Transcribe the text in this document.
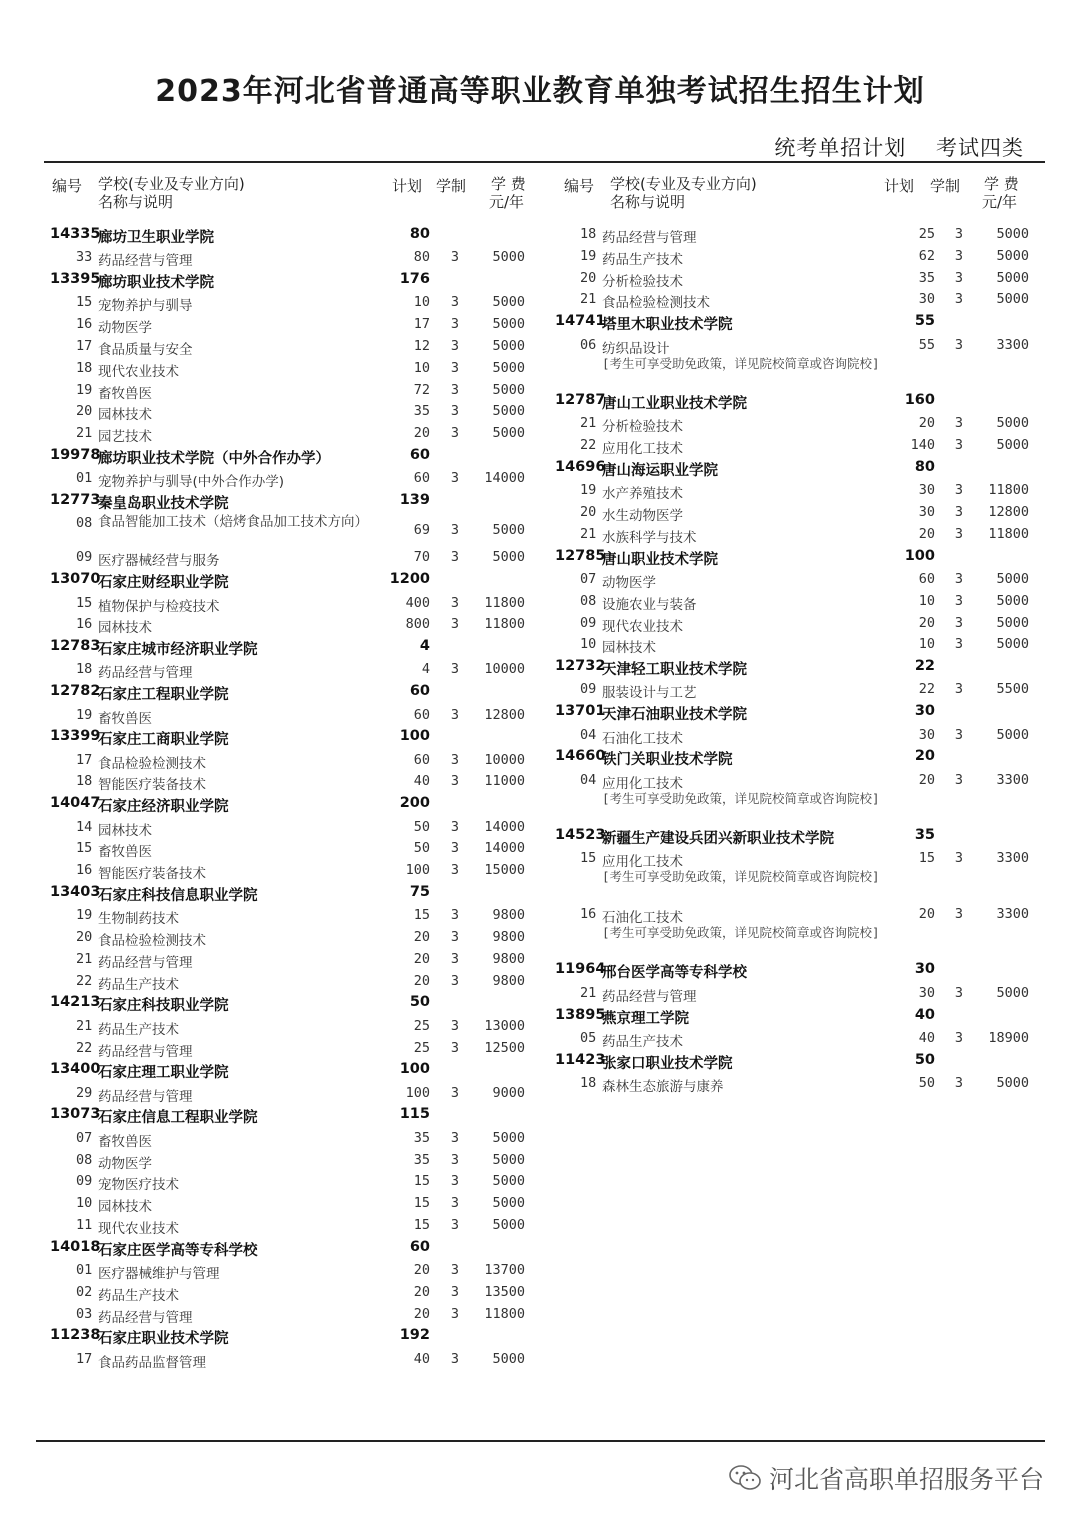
2023年河北省普通高等职业教育单独考试招生招生计划
统考单招计划 考试四类
编号 学校(专业及专业方向)
名称与说明
计划 学制 学 费
元/年
编号 学校(专业及专业方向)
名称与说明
计划 学制 学 费
元/年
14335
廊坊卫生职业学院	80
33 药品经营与管理	80	3	5000
13395
廊坊职业技术学院	176
15 宠物养护与驯导	10	3	5000
16 动物医学	17	3	5000
17 食品质量与安全	12	3	5000
18 现代农业技术	10	3	5000
19 畜牧兽医	72	3	5000
20 园林技术	35	3	5000
21 园艺技术	20	3	5000
19978
廊坊职业技术学院（中外合作办学）	60
01 宠物养护与驯导(中外合作办学)	60	3	14000
12773
秦皇岛职业技术学院	139
08 食品智能加工技术（焙烤食品加工技术方向）	69	3	5000
09 医疗器械经营与服务	70	3	5000
13070
石家庄财经职业学院	1200
15 植物保护与检疫技术	400	3	11800
16 园林技术	800	3	11800
12783
石家庄城市经济职业学院	4
18 药品经营与管理	4	3	10000
12782
石家庄工程职业学院	60
19 畜牧兽医	60	3	12800
13399
石家庄工商职业学院	100
17 食品检验检测技术	60	3	10000
18 智能医疗装备技术	40	3	11000
14047
石家庄经济职业学院	200
14 园林技术	50	3	14000
15 畜牧兽医	50	3	14000
16 智能医疗装备技术	100	3	15000
13403
石家庄科技信息职业学院	75
19 生物制药技术	15	3	9800
20 食品检验检测技术	20	3	9800
21 药品经营与管理	20	3	9800
22 药品生产技术	20	3	9800
14213
石家庄科技职业学院	50
21 药品生产技术	25	3	13000
22 药品经营与管理	25	3	12500
13400
石家庄理工职业学院	100
29 药品经营与管理	100	3	9000
13073
石家庄信息工程职业学院	115
07 畜牧兽医	35	3	5000
08 动物医学	35	3	5000
09 宠物医疗技术	15	3	5000
10 园林技术	15	3	5000
11 现代农业技术	15	3	5000
14018
石家庄医学高等专科学校	60
01 医疗器械维护与管理	20	3	13700
02 药品生产技术	20	3	13500
03 药品经营与管理	20	3	11800
11238
石家庄职业技术学院	192
17 食品药品监督管理	40	3	5000
18 药品经营与管理	25	3	5000
19 药品生产技术	62	3	5000
20 分析检验技术	35	3	5000
21 食品检验检测技术	30	3	5000
14741
塔里木职业技术学院	55
06 纺织品设计	55	3	3300
[考生可享受助免政策，详见院校简章或咨询院校]
12787
唐山工业职业技术学院	160
21 分析检验技术	20	3	5000
22 应用化工技术	140	3	5000
14696
唐山海运职业学院	80
19 水产养殖技术	30	3	11800
20 水生动物医学	30	3	12800
21 水族科学与技术	20	3	11800
12785
唐山职业技术学院	100
07 动物医学	60	3	5000
08 设施农业与装备	10	3	5000
09 现代农业技术	20	3	5000
10 园林技术	10	3	5000
12732
天津轻工职业技术学院	22
09 服装设计与工艺	22	3	5500
13701
天津石油职业技术学院	30
04 石油化工技术	30	3	5000
14660
铁门关职业技术学院	20
04 应用化工技术	20	3	3300
[考生可享受助免政策，详见院校简章或咨询院校]
14523
新疆生产建设兵团兴新职业技术学院	35
15 应用化工技术	15	3	3300
[考生可享受助免政策，详见院校简章或咨询院校]
16 石油化工技术	20	3	3300
[考生可享受助免政策，详见院校简章或咨询院校]
11964
邢台医学高等专科学校	30
21 药品经营与管理	30	3	5000
13895
燕京理工学院	40
05 药品生产技术	40	3	18900
11423
张家口职业技术学院	50
18 森林生态旅游与康养	50	3	5000
河北省高职单招服务平台
